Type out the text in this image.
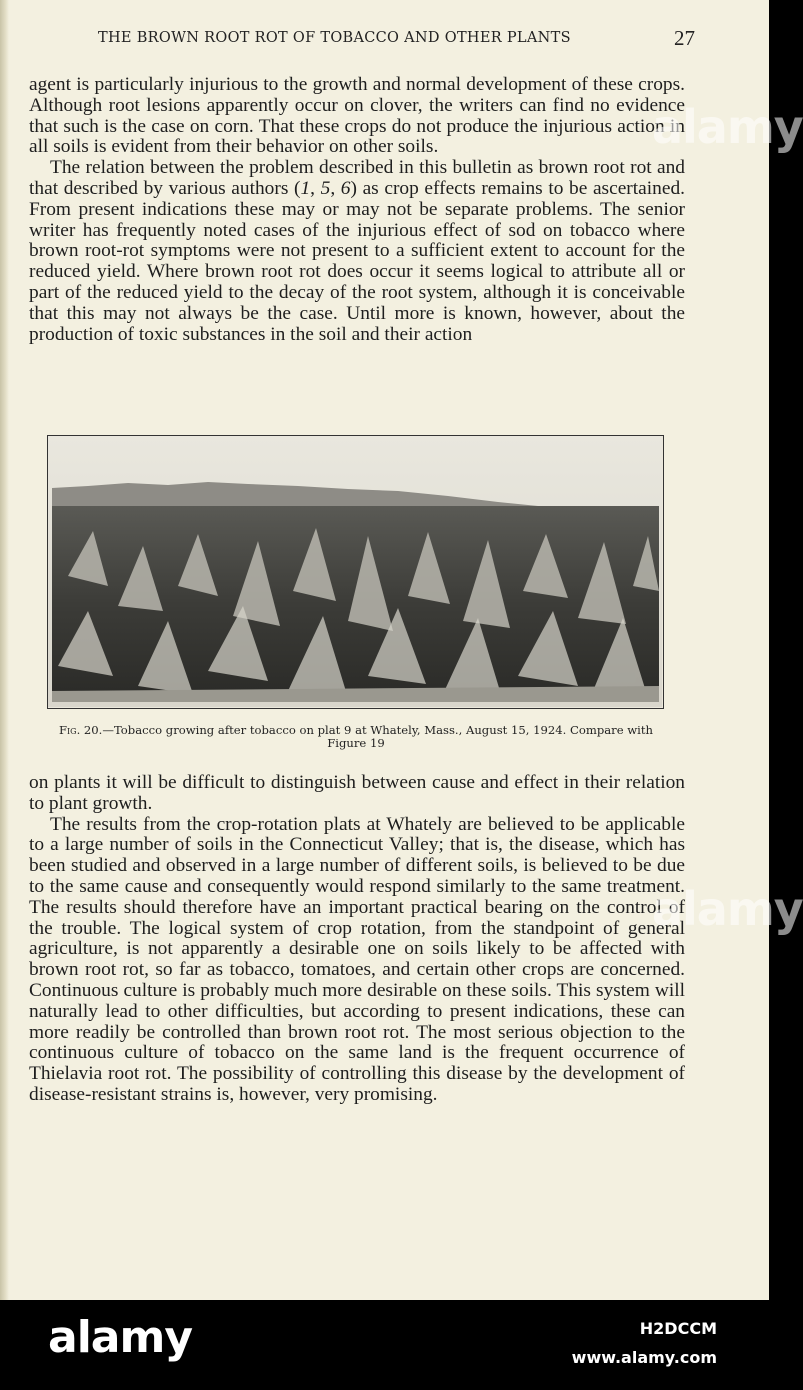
THE BROWN ROOT ROT OF TOBACCO AND OTHER PLANTS	27

agent is particularly injurious to the growth and normal development of these crops. Although root lesions apparently occur on clover, the writers can find no evidence that such is the case on corn. That these crops do not produce the injurious action in all soils is evident from their behavior on other soils.

The relation between the problem described in this bulletin as brown root rot and that described by various authors (1, 5, 6) as crop effects remains to be ascertained. From present indications these may or may not be separate problems. The senior writer has frequently noted cases of the injurious effect of sod on tobacco where brown root-rot symptoms were not present to a sufficient extent to account for the reduced yield. Where brown root rot does occur it seems logical to attribute all or part of the reduced yield to the decay of the root system, although it is conceivable that this may not always be the case. Until more is known, however, about the production of toxic substances in the soil and their action

Fig. 20.—Tobacco growing after tobacco on plat 9 at Whately, Mass., August 15, 1924. Compare with Figure 19

on plants it will be difficult to distinguish between cause and effect in their relation to plant growth.

The results from the crop-rotation plats at Whately are believed to be applicable to a large number of soils in the Connecticut Valley; that is, the disease, which has been studied and observed in a large number of different soils, is believed to be due to the same cause and consequently would respond similarly to the same treatment. The results should therefore have an important practical bearing on the control of the trouble. The logical system of crop rotation, from the standpoint of general agriculture, is not apparently a desirable one on soils likely to be affected with brown root rot, so far as tobacco, tomatoes, and certain other crops are concerned. Continuous culture is probably much more desirable on these soils. This system will naturally lead to other difficulties, but according to present indications, these can more readily be controlled than brown root rot. The most serious objection to the continuous culture of tobacco on the same land is the frequent occurrence of Thielavia root rot. The possibility of controlling this disease by the development of disease-resistant strains is, however, very promising.

alamy
alamy
alamy	H2DCCM
www.alamy.com
